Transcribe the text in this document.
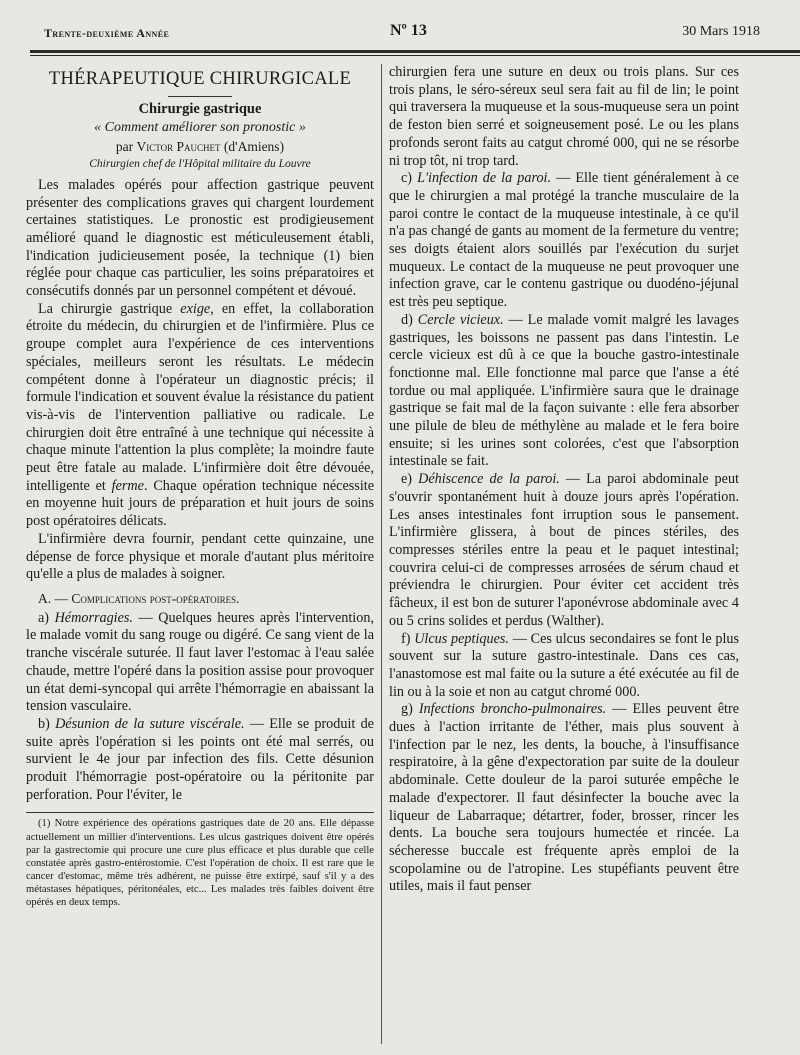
Trente-deuxième Année	Nº 13	30 Mars 1918
THÉRAPEUTIQUE CHIRURGICALE
Chirurgie gastrique
« Comment améliorer son pronostic »
par Victor Pauchet (d'Amiens)
Chirurgien chef de l'Hôpital militaire du Louvre

Les malades opérés pour affection gastrique peuvent présenter des complications graves qui chargent lourdement certaines statistiques. Le pronostic est prodigieusement amélioré quand le diagnostic est méticuleusement établi, l'indication judicieusement posée, la technique (1) bien réglée pour chaque cas particulier, les soins préparatoires et consécutifs donnés par un personnel compétent et dévoué.

La chirurgie gastrique exige, en effet, la collaboration étroite du médecin, du chirurgien et de l'infirmière. Plus ce groupe complet aura l'expérience de ces interventions spéciales, meilleurs seront les résultats. Le médecin compétent donne à l'opérateur un diagnostic précis; il formule l'indication et souvent évalue la résistance du patient vis-à-vis de l'intervention palliative ou radicale. Le chirurgien doit être entraîné à une technique qui nécessite à chaque minute l'attention la plus complète; la moindre faute peut être fatale au malade. L'infirmière doit être dévouée, intelligente et ferme. Chaque opération technique nécessite en moyenne huit jours de préparation et huit jours de soins post opératoires délicats.

L'infirmière devra fournir, pendant cette quinzaine, une dépense de force physique et morale d'autant plus méritoire qu'elle a plus de malades à soigner.

A. — Complications post-opératoires.

a) Hémorragies. — Quelques heures après l'intervention, le malade vomit du sang rouge ou digéré. Ce sang vient de la tranche viscérale suturée. Il faut laver l'estomac à l'eau salée chaude, mettre l'opéré dans la position assise pour provoquer un état demi-syncopal qui arrête l'hémorragie en abaissant la tension vasculaire.

b) Désunion de la suture viscérale. — Elle se produit de suite après l'opération si les points ont été mal serrés, ou survient le 4e jour par infection des fils. Cette désunion produit l'hémorragie post-opératoire ou la péritonite par perforation. Pour l'éviter, le

(1) Notre expérience des opérations gastriques date de 20 ans. Elle dépasse actuellement un millier d'interventions. Les ulcus gastriques doivent être opérés par la gastrectomie qui procure une cure plus efficace et plus durable que celle constatée après gastro-entérostomie. C'est l'opération de choix. Il est rare que le cancer d'estomac, même très adhérent, ne puisse être extirpé, sauf s'il y a des métastases hépatiques, péritonéales, etc... Les malades très faibles doivent être opérés en deux temps.

chirurgien fera une suture en deux ou trois plans. Sur ces trois plans, le séro-séreux seul sera fait au fil de lin; le point qui traversera la muqueuse et la sous-muqueuse sera un point de feston bien serré et soigneusement posé. Le ou les plans profonds seront faits au catgut chromé 000, qui ne se résorbe ni trop tôt, ni trop tard.

c) L'infection de la paroi. — Elle tient généralement à ce que le chirurgien a mal protégé la tranche musculaire de la paroi contre le contact de la muqueuse intestinale, à ce qu'il n'a pas changé de gants au moment de la fermeture du ventre; ses doigts étaient alors souillés par l'exécution du surjet muqueux. Le contact de la muqueuse ne peut provoquer une infection grave, car le contenu gastrique ou duodéno-jéjunal est très peu septique.

d) Cercle vicieux. — Le malade vomit malgré les lavages gastriques, les boissons ne passent pas dans l'intestin. Le cercle vicieux est dû à ce que la bouche gastro-intestinale fonctionne mal. Elle fonctionne mal parce que l'anse a été tordue ou mal appliquée. L'infirmière saura que le drainage gastrique se fait mal de la façon suivante : elle fera absorber une pilule de bleu de méthylène au malade et le fera boire ensuite; si les urines sont colorées, c'est que l'absorption intestinale se fait.

e) Déhiscence de la paroi. — La paroi abdominale peut s'ouvrir spontanément huit à douze jours après l'opération. Les anses intestinales font irruption sous le pansement. L'infirmière glissera, à bout de pinces stériles, des compresses stériles entre la peau et le paquet intestinal; couvrira celui-ci de compresses arrosées de sérum chaud et préviendra le chirurgien. Pour éviter cet accident très fâcheux, il est bon de suturer l'aponévrose abdominale avec 4 ou 5 crins solides et perdus (Walther).

f) Ulcus peptiques. — Ces ulcus secondaires se font le plus souvent sur la suture gastro-intestinale. Dans ces cas, l'anastomose est mal faite ou la suture a été exécutée au fil de lin ou à la soie et non au catgut chromé 000.

g) Infections broncho-pulmonaires. — Elles peuvent être dues à l'action irritante de l'éther, mais plus souvent à l'infection par le nez, les dents, la bouche, à l'insuffisance respiratoire, à la gêne d'expectoration par suite de la douleur abdominale. Cette douleur de la paroi suturée empêche le malade d'expectorer. Il faut désinfecter la bouche avec la liqueur de Labarraque; détartrer, foder, brosser, rincer les dents. La bouche sera toujours humectée et rincée. La sécheresse buccale est fréquente après emploi de la scopolamine ou de l'atropine. Les stupéfiants peuvent être utiles, mais il faut penser
